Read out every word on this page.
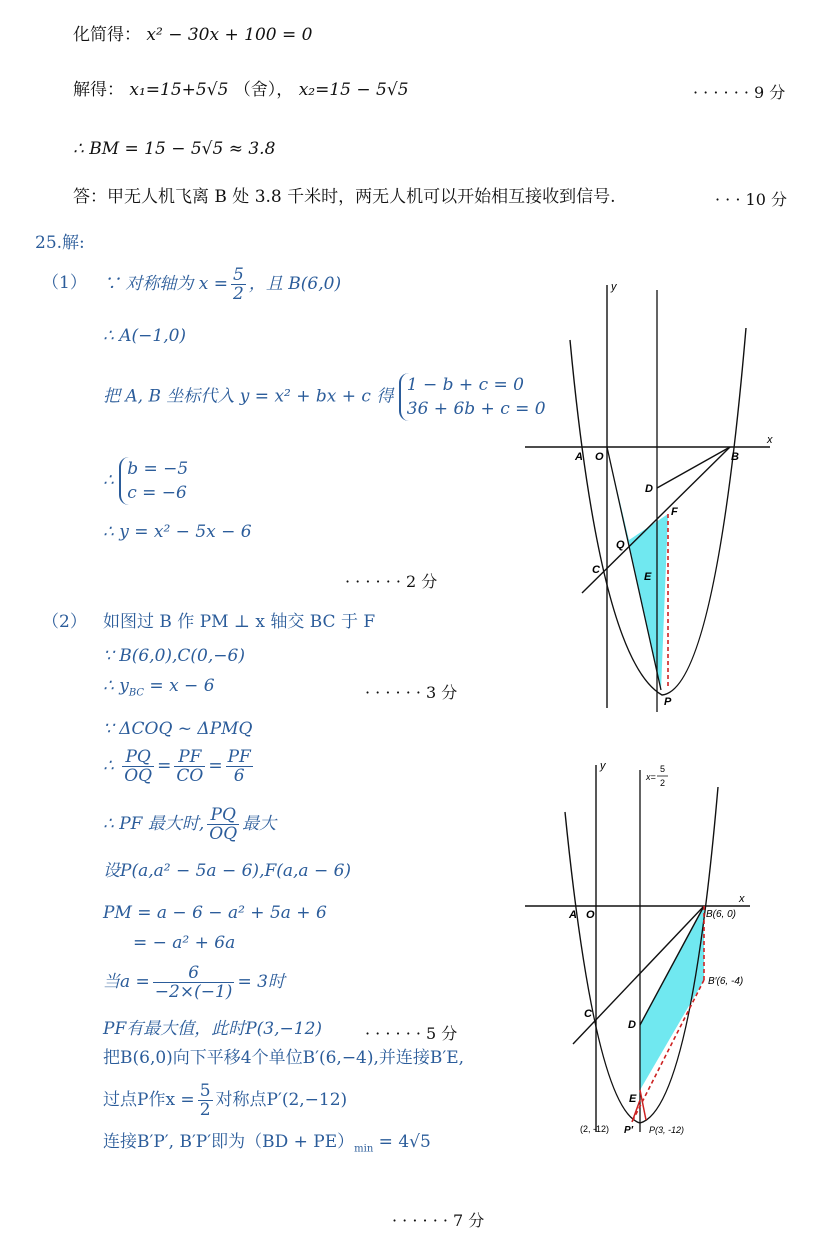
化简得： x² − 30x + 100 = 0
解得： x₁=15+5√5 （舍）， x₂=15 − 5√5	· · · · · · 9 分
∴ BM = 15 − 5√5 ≈ 3.8
答：甲无人机飞离 B 处 3.8 千米时，两无人机可以开始相互接收到信号.	· · · 10 分
25.解:
（1） ∵ 对称轴为 $x = \frac{5}{2}$ ，且 B(6,0)
∴ A(−1,0)
把 A, B 坐标代入 y = x² + bx + c 得
1 − b + c = 0
36 + 6b + c = 0
∴
b = −5
c = −6
∴ y = x² − 5x − 6
· · · · · · 2 分
（2） 如图过 B 作 PM ⊥ x 轴交 BC 于 F
∵ B(6,0),C(0,−6)
∴ $y_{BC} = x - 6$	· · · · · · 3 分
∵ ΔCOQ ~ ΔPMQ
∴ $\frac{PQ}{OQ} = \frac{PF}{CO} = \frac{PF}{6}$
∴ PF 最大时, $\frac{PQ}{OQ}$ 最大
设P(a,a² − 5a − 6),F(a,a − 6)
PM = a − 6 − a² + 5a + 6
= − a² + 6a
当$a = \frac{6}{-2\times(-1)} = 3$时
PF有最大值，此时P(3,−12)	· · · · · · 5 分
把B(6,0)向下平移4个单位B′(6,−4),并连接B′E,
过点P作$x = \frac{5}{2}$ 对称点P′(2,−12)
连接B′P′, B′P′即为$(BD + PE)_{min} = 4√5$
· · · · · · 7 分
y
x
A O	B
D
F
Q
C
E
P
y
x
x=
5
2
A O	B(6, 0)
B′(6, -4)
C
D
E
(2, -12) P′ P(3, -12)
